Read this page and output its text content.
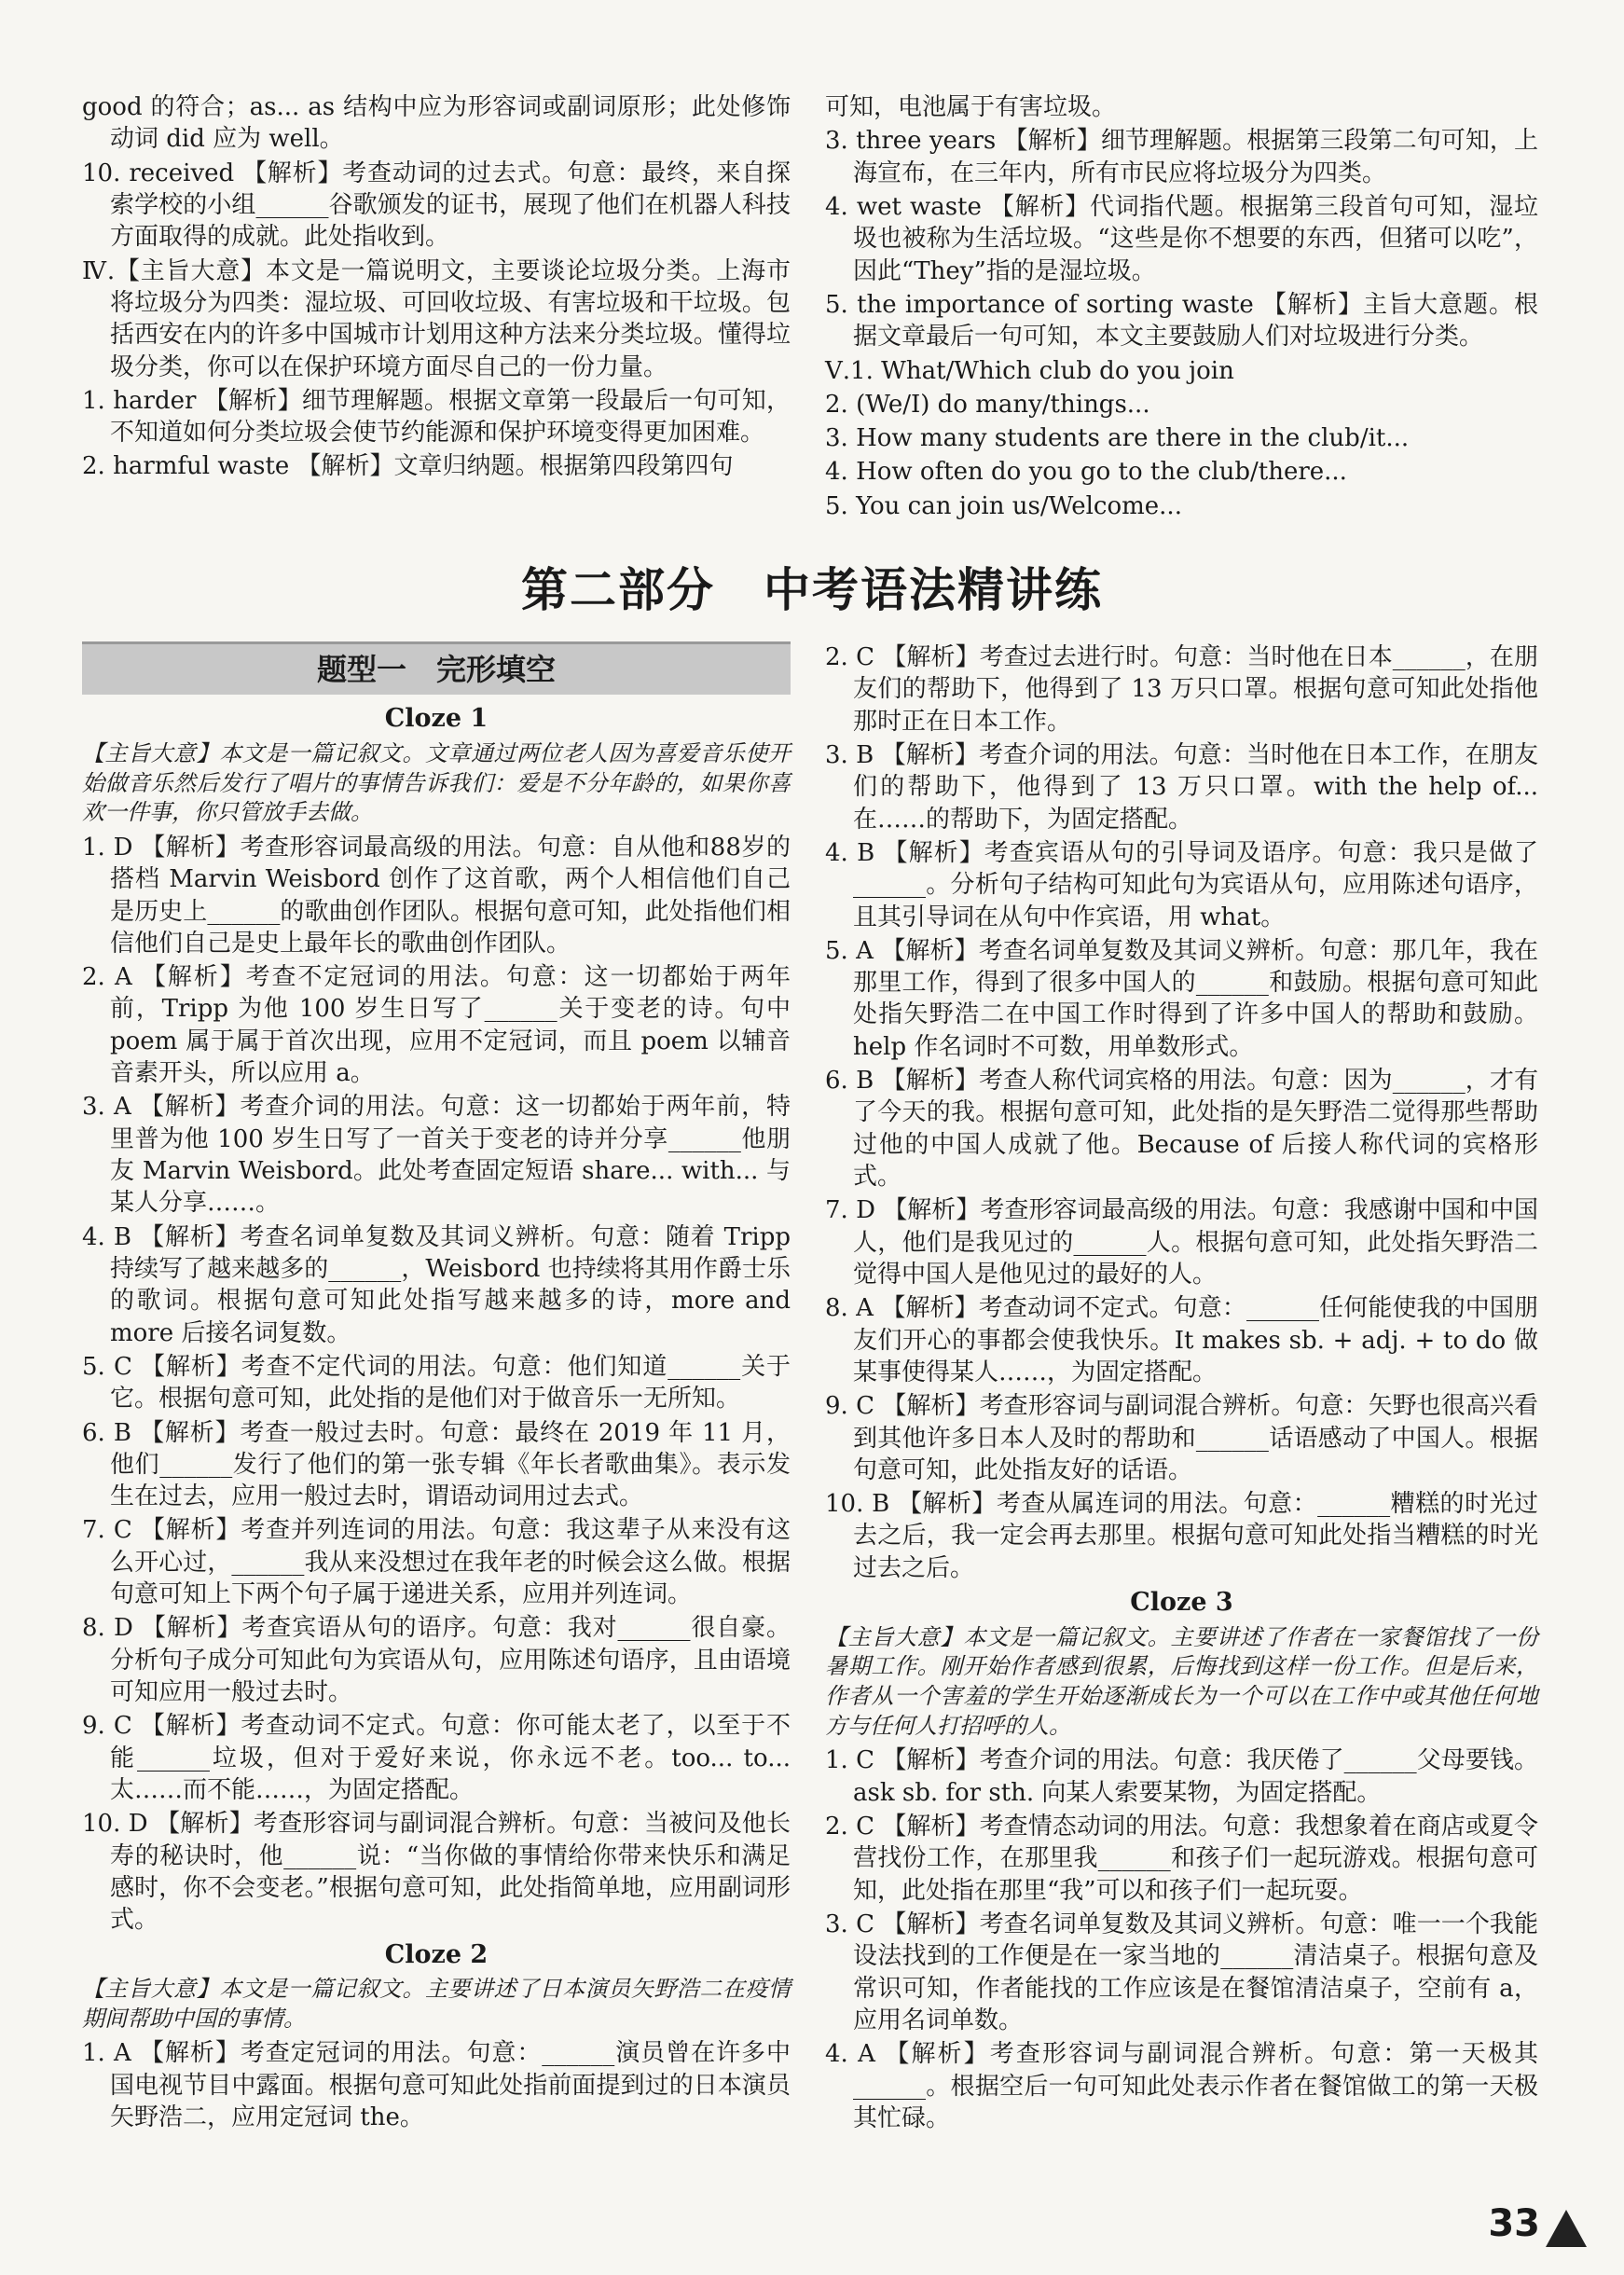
good 的符合；as... as 结构中应为形容词或副词原形；此处修饰动词 did 应为 well。
10. received 【解析】考查动词的过去式。句意：最终，来自探索学校的小组______谷歌颁发的证书，展现了他们在机器人科技方面取得的成就。此处指收到。
Ⅳ.【主旨大意】本文是一篇说明文，主要谈论垃圾分类。上海市将垃圾分为四类：湿垃圾、可回收垃圾、有害垃圾和干垃圾。包括西安在内的许多中国城市计划用这种方法来分类垃圾。懂得垃圾分类，你可以在保护环境方面尽自己的一份力量。
1. harder 【解析】细节理解题。根据文章第一段最后一句可知，不知道如何分类垃圾会使节约能源和保护环境变得更加困难。
2. harmful waste 【解析】文章归纳题。根据第四段第四句
可知，电池属于有害垃圾。
3. three years 【解析】细节理解题。根据第三段第二句可知，上海宣布，在三年内，所有市民应将垃圾分为四类。
4. wet waste 【解析】代词指代题。根据第三段首句可知，湿垃圾也被称为生活垃圾。“这些是你不想要的东西，但猪可以吃”，因此“They”指的是湿垃圾。
5. the importance of sorting waste 【解析】主旨大意题。根据文章最后一句可知，本文主要鼓励人们对垃圾进行分类。
Ⅴ.1. What/Which club do you join
2. (We/I) do many/things...
3. How many students are there in the club/it...
4. How often do you go to the club/there...
5. You can join us/Welcome...
第二部分　中考语法精讲练
题型一　完形填空
Cloze 1
【主旨大意】本文是一篇记叙文。文章通过两位老人因为喜爱音乐使开始做音乐然后发行了唱片的事情告诉我们：爱是不分年龄的，如果你喜欢一件事，你只管放手去做。
1. D 【解析】考查形容词最高级的用法。句意：自从他和88岁的搭档 Marvin Weisbord 创作了这首歌，两个人相信他们自己是历史上______的歌曲创作团队。根据句意可知，此处指他们相信他们自己是史上最年长的歌曲创作团队。
2. A 【解析】考查不定冠词的用法。句意：这一切都始于两年前，Tripp 为他 100 岁生日写了______关于变老的诗。句中 poem 属于属于首次出现，应用不定冠词，而且 poem 以辅音音素开头，所以应用 a。
3. A 【解析】考查介词的用法。句意：这一切都始于两年前，特里普为他 100 岁生日写了一首关于变老的诗并分享______他朋友 Marvin Weisbord。此处考查固定短语 share... with... 与某人分享……。
4. B 【解析】考查名词单复数及其词义辨析。句意：随着 Tripp 持续写了越来越多的______，Weisbord 也持续将其用作爵士乐的歌词。根据句意可知此处指写越来越多的诗，more and more 后接名词复数。
5. C 【解析】考查不定代词的用法。句意：他们知道______关于它。根据句意可知，此处指的是他们对于做音乐一无所知。
6. B 【解析】考查一般过去时。句意：最终在 2019 年 11 月，他们______发行了他们的第一张专辑《年长者歌曲集》。表示发生在过去，应用一般过去时，谓语动词用过去式。
7. C 【解析】考查并列连词的用法。句意：我这辈子从来没有这么开心过，______我从来没想过在我年老的时候会这么做。根据句意可知上下两个句子属于递进关系，应用并列连词。
8. D 【解析】考查宾语从句的语序。句意：我对______很自豪。分析句子成分可知此句为宾语从句，应用陈述句语序，且由语境可知应用一般过去时。
9. C 【解析】考查动词不定式。句意：你可能太老了，以至于不能______垃圾，但对于爱好来说，你永远不老。too... to... 太……而不能……，为固定搭配。
10. D 【解析】考查形容词与副词混合辨析。句意：当被问及他长寿的秘诀时，他______说：“当你做的事情给你带来快乐和满足感时，你不会变老。”根据句意可知，此处指简单地，应用副词形式。
Cloze 2
【主旨大意】本文是一篇记叙文。主要讲述了日本演员矢野浩二在疫情期间帮助中国的事情。
1. A 【解析】考查定冠词的用法。句意：______演员曾在许多中国电视节目中露面。根据句意可知此处指前面提到过的日本演员矢野浩二，应用定冠词 the。
2. C 【解析】考查过去进行时。句意：当时他在日本______，在朋友们的帮助下，他得到了 13 万只口罩。根据句意可知此处指他那时正在日本工作。
3. B 【解析】考查介词的用法。句意：当时他在日本工作，在朋友们的帮助下，他得到了 13 万只口罩。with the help of... 在……的帮助下，为固定搭配。
4. B 【解析】考查宾语从句的引导词及语序。句意：我只是做了______。分析句子结构可知此句为宾语从句，应用陈述句语序，且其引导词在从句中作宾语，用 what。
5. A 【解析】考查名词单复数及其词义辨析。句意：那几年，我在那里工作，得到了很多中国人的______和鼓励。根据句意可知此处指矢野浩二在中国工作时得到了许多中国人的帮助和鼓励。help 作名词时不可数，用单数形式。
6. B 【解析】考查人称代词宾格的用法。句意：因为______，才有了今天的我。根据句意可知，此处指的是矢野浩二觉得那些帮助过他的中国人成就了他。Because of 后接人称代词的宾格形式。
7. D 【解析】考查形容词最高级的用法。句意：我感谢中国和中国人，他们是我见过的______人。根据句意可知，此处指矢野浩二觉得中国人是他见过的最好的人。
8. A 【解析】考查动词不定式。句意：______任何能使我的中国朋友们开心的事都会使我快乐。It makes sb. + adj. + to do 做某事使得某人……，为固定搭配。
9. C 【解析】考查形容词与副词混合辨析。句意：矢野也很高兴看到其他许多日本人及时的帮助和______话语感动了中国人。根据句意可知，此处指友好的话语。
10. B 【解析】考查从属连词的用法。句意：______糟糕的时光过去之后，我一定会再去那里。根据句意可知此处指当糟糕的时光过去之后。
Cloze 3
【主旨大意】本文是一篇记叙文。主要讲述了作者在一家餐馆找了一份暑期工作。刚开始作者感到很累，后悔找到这样一份工作。但是后来，作者从一个害羞的学生开始逐渐成长为一个可以在工作中或其他任何地方与任何人打招呼的人。
1. C 【解析】考查介词的用法。句意：我厌倦了______父母要钱。ask sb. for sth. 向某人索要某物，为固定搭配。
2. C 【解析】考查情态动词的用法。句意：我想象着在商店或夏令营找份工作，在那里我______和孩子们一起玩游戏。根据句意可知，此处指在那里“我”可以和孩子们一起玩耍。
3. C 【解析】考查名词单复数及其词义辨析。句意：唯一一个我能设法找到的工作便是在一家当地的______清洁桌子。根据句意及常识可知，作者能找的工作应该是在餐馆清洁桌子，空前有 a，应用名词单数。
4. A 【解析】考查形容词与副词混合辨析。句意：第一天极其______。根据空后一句可知此处表示作者在餐馆做工的第一天极其忙碌。
33
